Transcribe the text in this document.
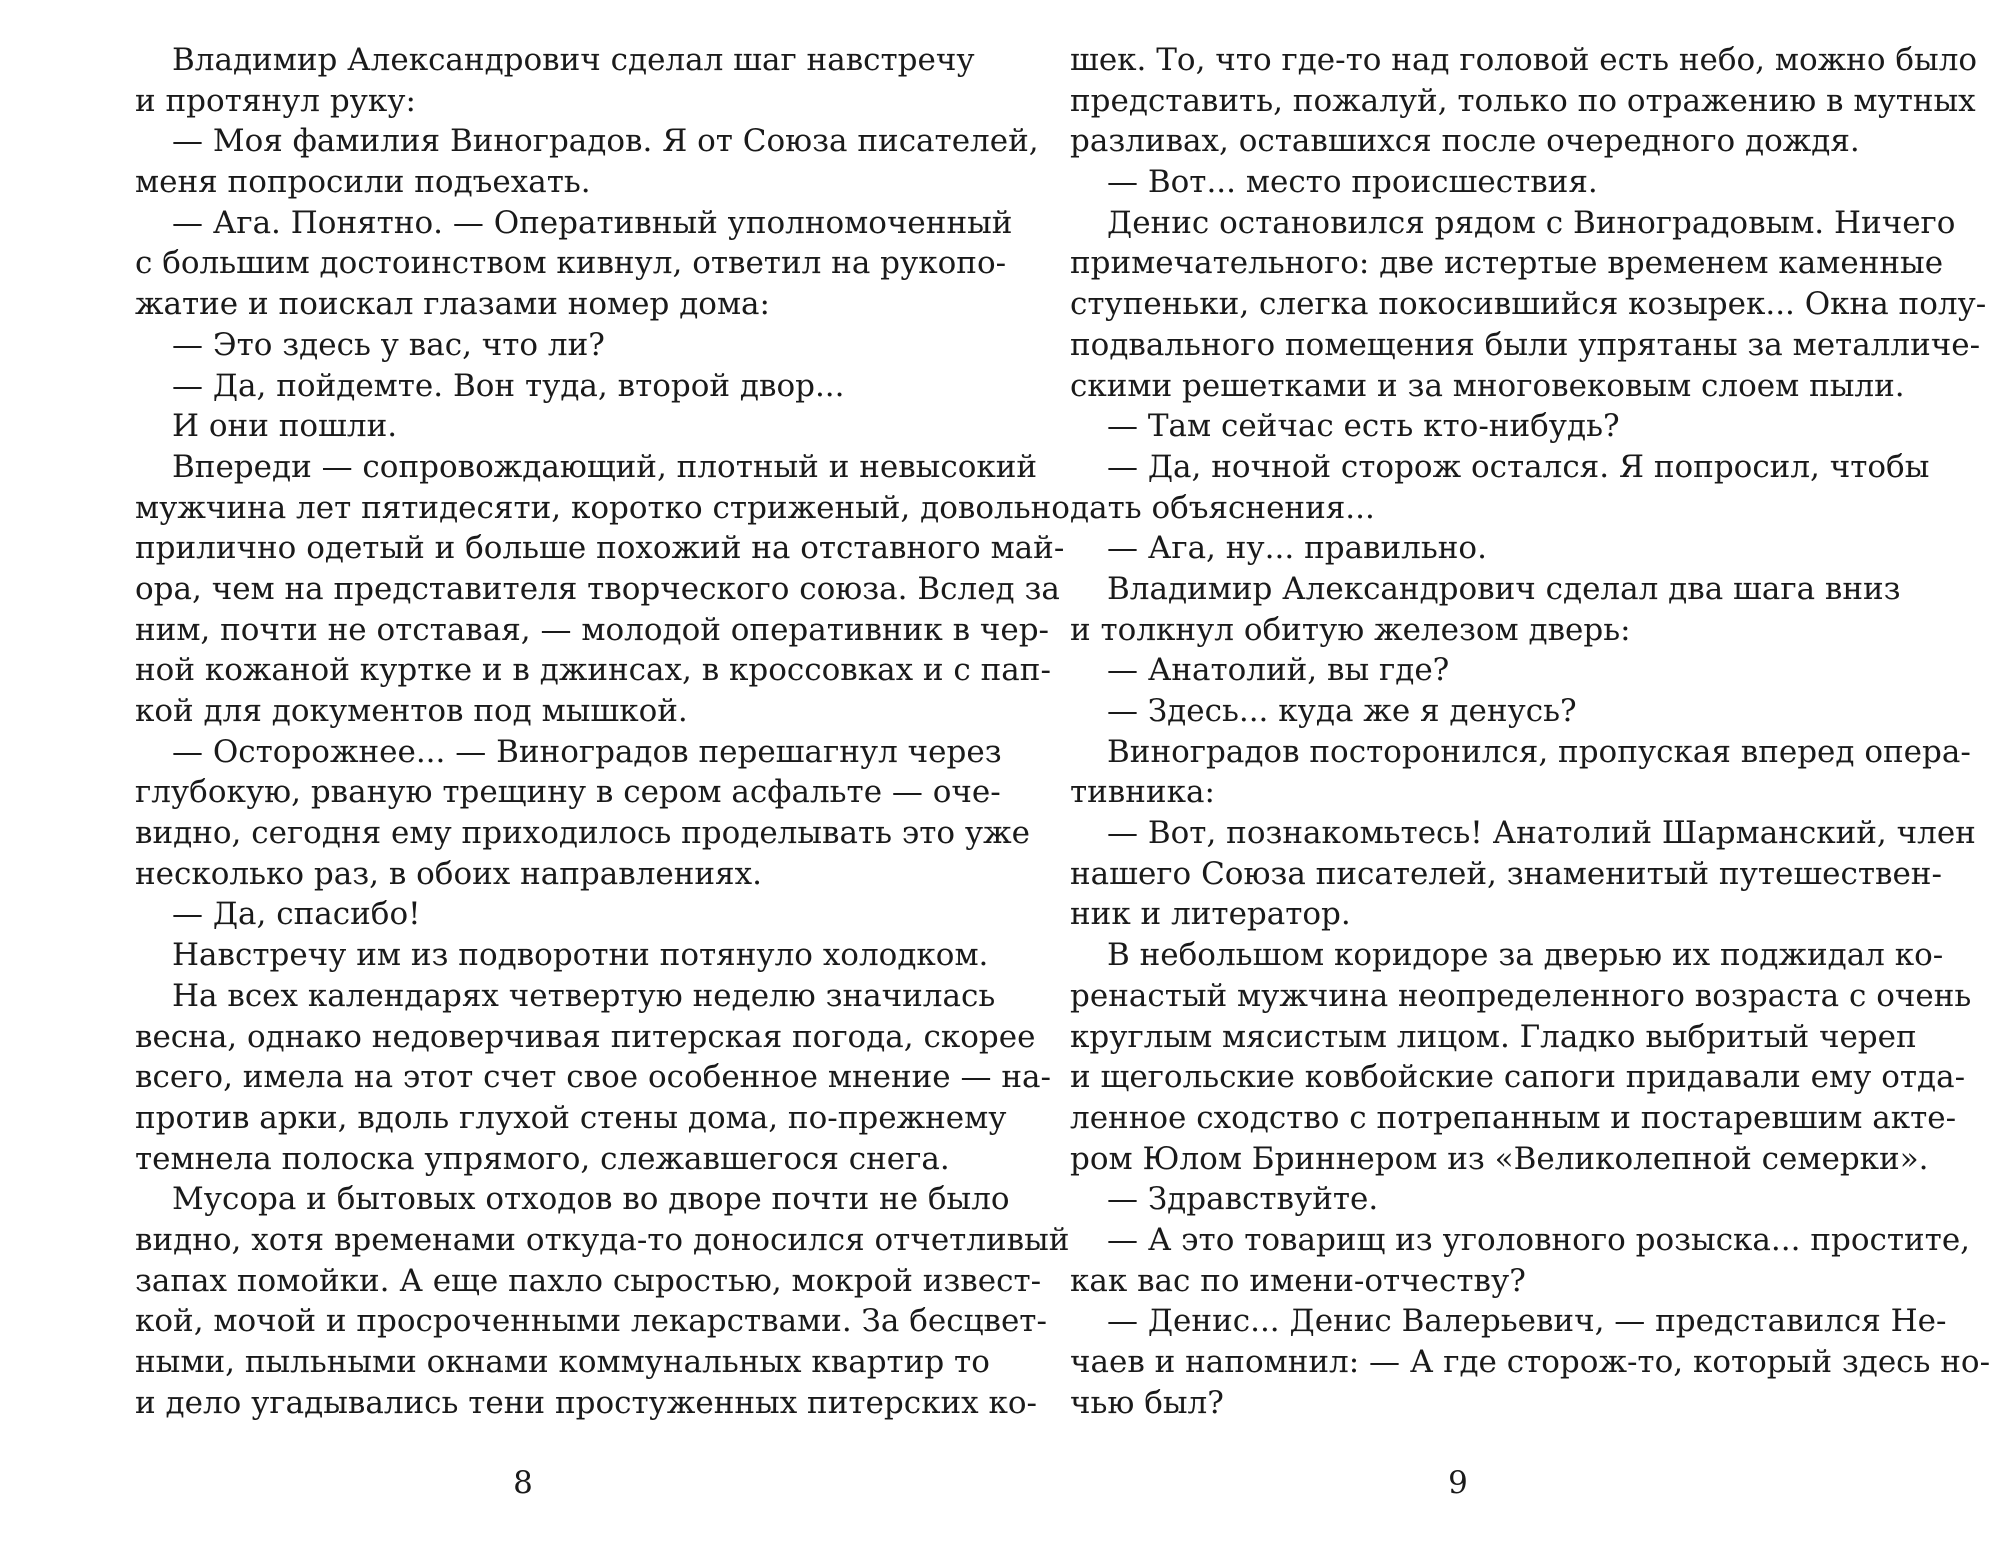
Владимир Александрович сделал шаг навстречу
и протянул руку:
— Моя фамилия Виноградов. Я от Союза писателей,
меня попросили подъехать.
— Ага. Понятно. — Оперативный уполномоченный
с большим достоинством кивнул, ответил на рукопо-
жатие и поискал глазами номер дома:
— Это здесь у вас, что ли?
— Да, пойдемте. Вон туда, второй двор...
И они пошли.
Впереди — сопровождающий, плотный и невысокий
мужчина лет пятидесяти, коротко стриженый, довольно
прилично одетый и больше похожий на отставного май-
ора, чем на представителя творческого союза. Вслед за
ним, почти не отставая, — молодой оперативник в чер-
ной кожаной куртке и в джинсах, в кроссовках и с пап-
кой для документов под мышкой.
— Осторожнее... — Виноградов перешагнул через
глубокую, рваную трещину в сером асфальте — оче-
видно, сегодня ему приходилось проделывать это уже
несколько раз, в обоих направлениях.
— Да, спасибо!
Навстречу им из подворотни потянуло холодком.
На всех календарях четвертую неделю значилась
весна, однако недоверчивая питерская погода, скорее
всего, имела на этот счет свое особенное мнение — на-
против арки, вдоль глухой стены дома, по-прежнему
темнела полоска упрямого, слежавшегося снега.
Мусора и бытовых отходов во дворе почти не было
видно, хотя временами откуда-то доносился отчетливый
запах помойки. А еще пахло сыростью, мокрой извест-
кой, мочой и просроченными лекарствами. За бесцвет-
ными, пыльными окнами коммунальных квартир то
и дело угадывались тени простуженных питерских ко-
8
шек. То, что где-то над головой есть небо, можно было
представить, пожалуй, только по отражению в мутных
разливах, оставшихся после очередного дождя.
— Вот... место происшествия.
Денис остановился рядом с Виноградовым. Ничего
примечательного: две истертые временем каменные
ступеньки, слегка покосившийся козырек... Окна полу-
подвального помещения были упрятаны за металличе-
скими решетками и за многовековым слоем пыли.
— Там сейчас есть кто-нибудь?
— Да, ночной сторож остался. Я попросил, чтобы
дать объяснения...
— Ага, ну... правильно.
Владимир Александрович сделал два шага вниз
и толкнул обитую железом дверь:
— Анатолий, вы где?
— Здесь... куда же я денусь?
Виноградов посторонился, пропуская вперед опера-
тивника:
— Вот, познакомьтесь! Анатолий Шарманский, член
нашего Союза писателей, знаменитый путешествен-
ник и литератор.
В небольшом коридоре за дверью их поджидал ко-
ренастый мужчина неопределенного возраста с очень
круглым мясистым лицом. Гладко выбритый череп
и щегольские ковбойские сапоги придавали ему отда-
ленное сходство с потрепанным и постаревшим акте-
ром Юлом Бриннером из «Великолепной семерки».
— Здравствуйте.
— А это товарищ из уголовного розыска... простите,
как вас по имени-отчеству?
— Денис... Денис Валерьевич, — представился Не-
чаев и напомнил: — А где сторож-то, который здесь но-
чью был?
9
